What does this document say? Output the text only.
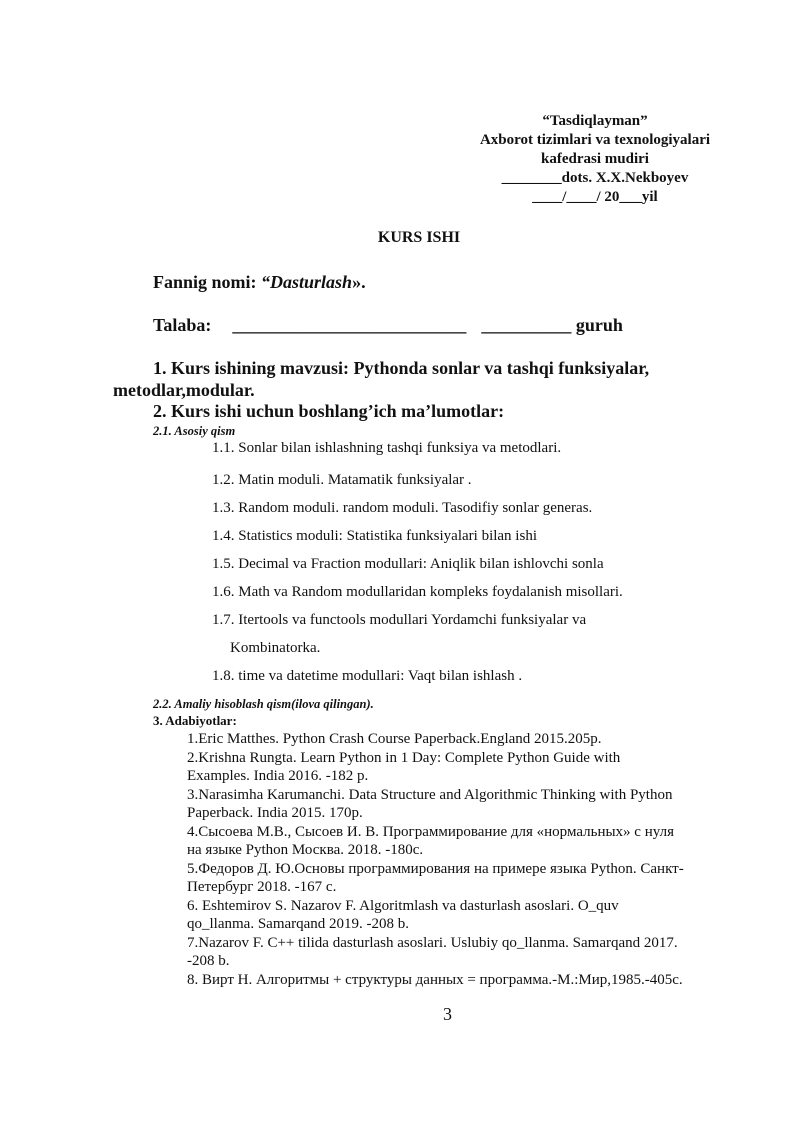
“Tasdiqlayman”
Axborot tizimlari va texnologiyalari
kafedrasi mudiri
________dots. X.X.Nekboyev
____/____/ 20___yil
KURS ISHI
Fannig nomi: “Dasturlash».
Talaba: __________________________ __________ guruh
1. Kurs ishining mavzusi: Pythonda sonlar va tashqi funksiyalar,
metodlar,modular.
2. Kurs ishi uchun boshlang’ich ma’lumotlar:
2.1. Asosiy qism
1.1. Sonlar bilan ishlashning tashqi funksiya va metodlari.
1.2. Matin moduli. Matamatik funksiyalar .
1.3. Random moduli. random moduli. Tasodifiy sonlar generas.
1.4. Statistics moduli: Statistika funksiyalari bilan ishi
1.5. Decimal va Fraction modullari: Aniqlik bilan ishlovchi sonla
1.6. Math va Random modullaridan kompleks foydalanish misollari.
1.7. Itertools va functools modullari Yordamchi funksiyalar va
Kombinatorka.
1.8. time va datetime modullari: Vaqt bilan ishlash .
2.2. Amaliy hisoblash qism(ilova qilingan).
3. Adabiyotlar:
1.Eric Matthes. Python Crash Course Paperback.England 2015.205p.
2.Krishna Rungta. Learn Python in 1 Day: Complete Python Guide with
Examples. India 2016. -182 p.
3.Narasimha Karumanchi. Data Structure and Algorithmic Thinking with Python
Paperback. India 2015. 170p.
4.Сысоева М.В., Сысоев И. В. Программирование для «нормальных» с нуля
на языке Python Москва. 2018. -180с.
5.Федоров Д. Ю.Основы программирования на примере языка Python. Санкт-
Петербург 2018. -167 с.
6. Eshtemirov S. Nazarov F. Algoritmlash va dasturlash asoslari. O_quv
qo_llanma. Samarqand 2019. -208 b.
7.Nazarov F. C++ tilida dasturlash asoslari. Uslubiy qo_llanma. Samarqand 2017.
-208 b.
8. Вирт Н. Алгоритмы + структуры данных = программа.-М.:Мир,1985.-405с.
3
